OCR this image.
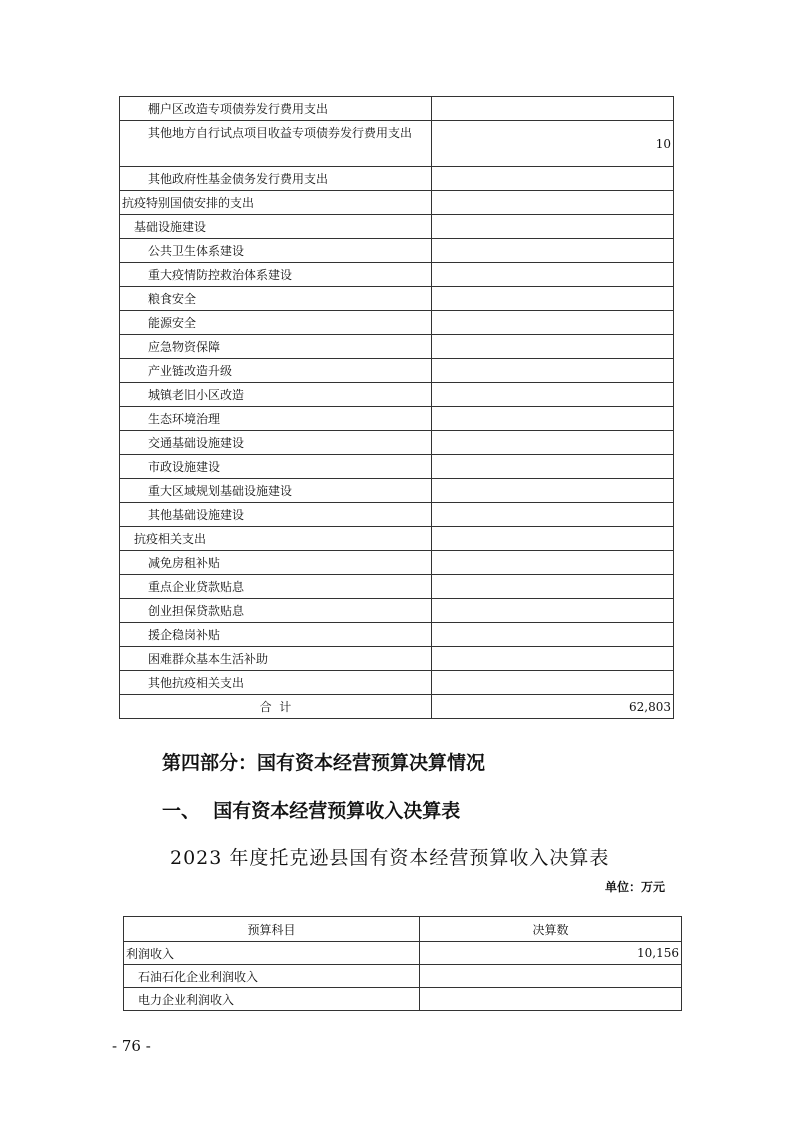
棚户区改造专项债券发行费用支出	
其他地方自行试点项目收益专项债券发行费用支出	10
其他政府性基金债务发行费用支出	
抗疫特别国债安排的支出	
基础设施建设	
公共卫生体系建设	
重大疫情防控救治体系建设	
粮食安全	
能源安全	
应急物资保障	
产业链改造升级	
城镇老旧小区改造	
生态环境治理	
交通基础设施建设	
市政设施建设	
重大区域规划基础设施建设	
其他基础设施建设	
抗疫相关支出	
减免房租补贴	
重点企业贷款贴息	
创业担保贷款贴息	
援企稳岗补贴	
困难群众基本生活补助	
其他抗疫相关支出	
合  计	62,803
第四部分：国有资本经营预算决算情况
一、  国有资本经营预算收入决算表
2023 年度托克逊县国有资本经营预算收入决算表
单位：万元
预算科目	决算数
利润收入	10,156
石油石化企业利润收入	
电力企业利润收入	
- 76 -
